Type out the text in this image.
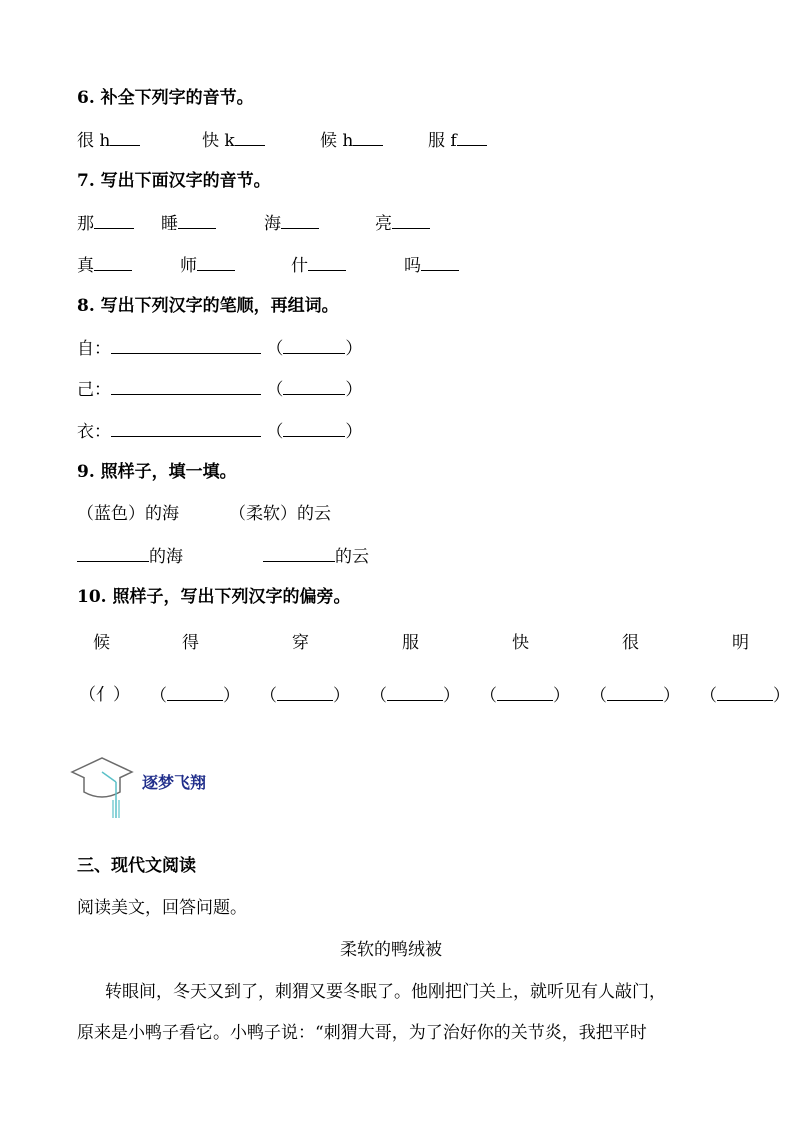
6. 补全下列字的音节。
很 h	快 k	候 h	服 f
7. 写出下面汉字的音节。
那	睡	海	亮
真	师	什	吗
8. 写出下列汉字的笔顺，再组词。
自：	（	）
己：	（	）
衣：	（	）
9. 照样子，填一填。
（蓝色）的海	（柔软）的云
的海	的云
10. 照样子，写出下列汉字的偏旁。
候	得	穿	服	快	很	明
（亻） （	） （	） （	） （	） （	） （	）
逐梦飞翔
三、现代文阅读
阅读美文，回答问题。
柔软的鸭绒被
转眼间，冬天又到了，刺猬又要冬眠了。他刚把门关上，就听见有人敲门，
原来是小鸭子看它。小鸭子说：“刺猬大哥，为了治好你的关节炎，我把平时
